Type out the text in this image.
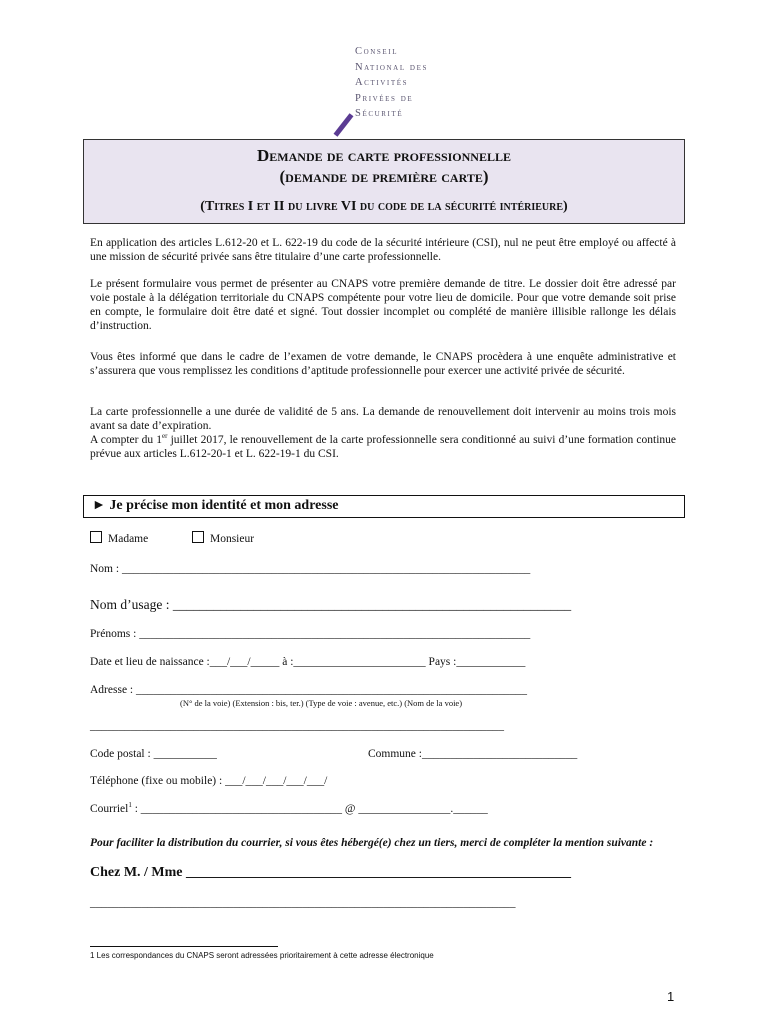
Conseil
National des
Activités
Privées de
Sécurité
Demande de carte professionnelle
(demande de première carte)
(Titres I et II du livre VI du code de la sécurité intérieure)

En application des articles L.612-20 et L. 622-19 du code de la sécurité intérieure (CSI), nul ne peut être employé ou affecté à une mission de sécurité privée sans être titulaire d’une carte professionnelle.

Le présent formulaire vous permet de présenter au CNAPS votre première demande de titre. Le dossier doit être adressé par voie postale à la délégation territoriale du CNAPS compétente pour votre lieu de domicile. Pour que votre demande soit prise en compte, le formulaire doit être daté et signé. Tout dossier incomplet ou complété de manière illisible rallonge les délais d’instruction.

Vous êtes informé que dans le cadre de l’examen de votre demande, le CNAPS procèdera à une enquête administrative et s’assurera que vous remplissez les conditions d’aptitude professionnelle pour exercer une activité privée de sécurité.

La carte professionnelle a une durée de validité de 5 ans. La demande de renouvellement doit intervenir au moins trois mois avant sa date d’expiration.

A compter du 1er juillet 2017, le renouvellement de la carte professionnelle sera conditionné au suivi d’une formation continue prévue aux articles L.612-20-1 et L. 622-19-1 du CSI.

► Je précise mon identité et mon adresse
Madame	Monsieur
Nom : _______________________________________________________________________
Nom d’usage : ___________________________________________________________
Prénoms : ____________________________________________________________________
Date et lieu de naissance :___/___/_____ à :_______________________ Pays :____________
Adresse : ____________________________________________________________________
(N° de la voie) (Extension : bis, ter.) (Type de voie : avenue, etc.) (Nom de la voie)
________________________________________________________________________
Code postal : ___________	Commune :___________________________
Téléphone (fixe ou mobile) : ___/___/___/___/___/
Courriel$^1$ : ___________________________________ @ ________________.______
Pour faciliter la distribution du courrier, si vous êtes hébergé(e) chez un tiers, merci de compléter la mention suivante :
Chez M. / Mme _______________________________________________________
__________________________________________________________________________
1 Les correspondances du CNAPS seront adressées prioritairement à cette adresse électronique
1
